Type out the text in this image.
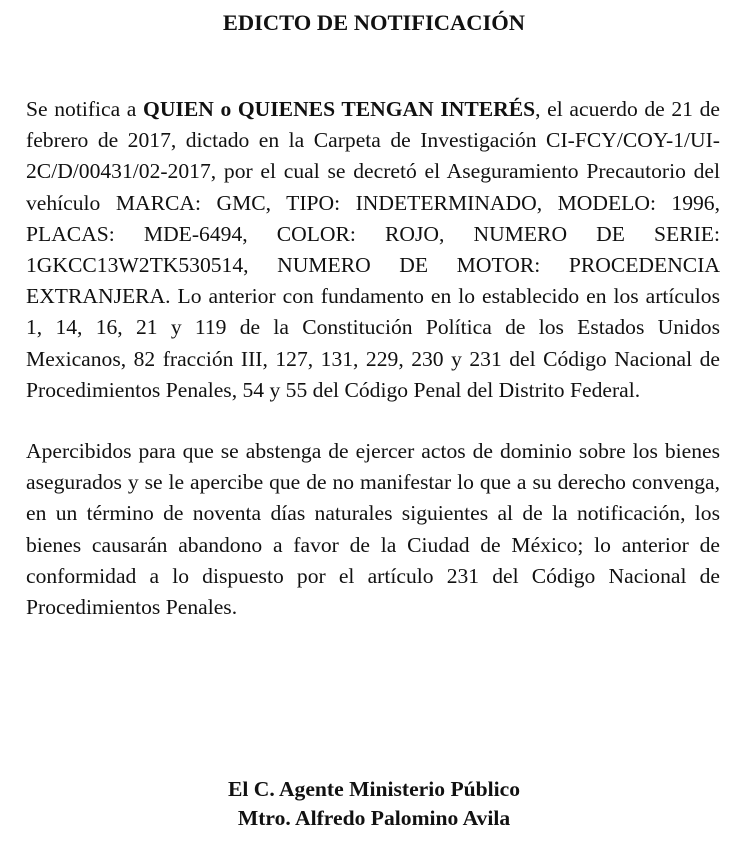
EDICTO DE NOTIFICACIÓN

Se notifica a QUIEN o QUIENES TENGAN INTERÉS, el acuerdo de 21 de febrero de 2017, dictado en la Carpeta de Investigación CI-FCY/COY-1/UI-2C/D/00431/02-2017, por el cual se decretó el Aseguramiento Precautorio del vehículo MARCA: GMC, TIPO: INDETERMINADO, MODELO: 1996, PLACAS: MDE-6494, COLOR: ROJO, NUMERO DE SERIE: 1GKCC13W2TK530514, NUMERO DE MOTOR: PROCEDENCIA EXTRANJERA. Lo anterior con fundamento en lo establecido en los artículos 1, 14, 16, 21 y 119 de la Constitución Política de los Estados Unidos Mexicanos, 82 fracción III, 127, 131, 229, 230 y 231 del Código Nacional de Procedimientos Penales, 54 y 55 del Código Penal del Distrito Federal.

Apercibidos para que se abstenga de ejercer actos de dominio sobre los bienes asegurados y se le apercibe que de no manifestar lo que a su derecho convenga, en un término de noventa días naturales siguientes al de la notificación, los bienes causarán abandono a favor de la Ciudad de México; lo anterior de conformidad a lo dispuesto por el artículo 231 del Código Nacional de Procedimientos Penales.

El C. Agente Ministerio Público
Mtro. Alfredo Palomino Avila
